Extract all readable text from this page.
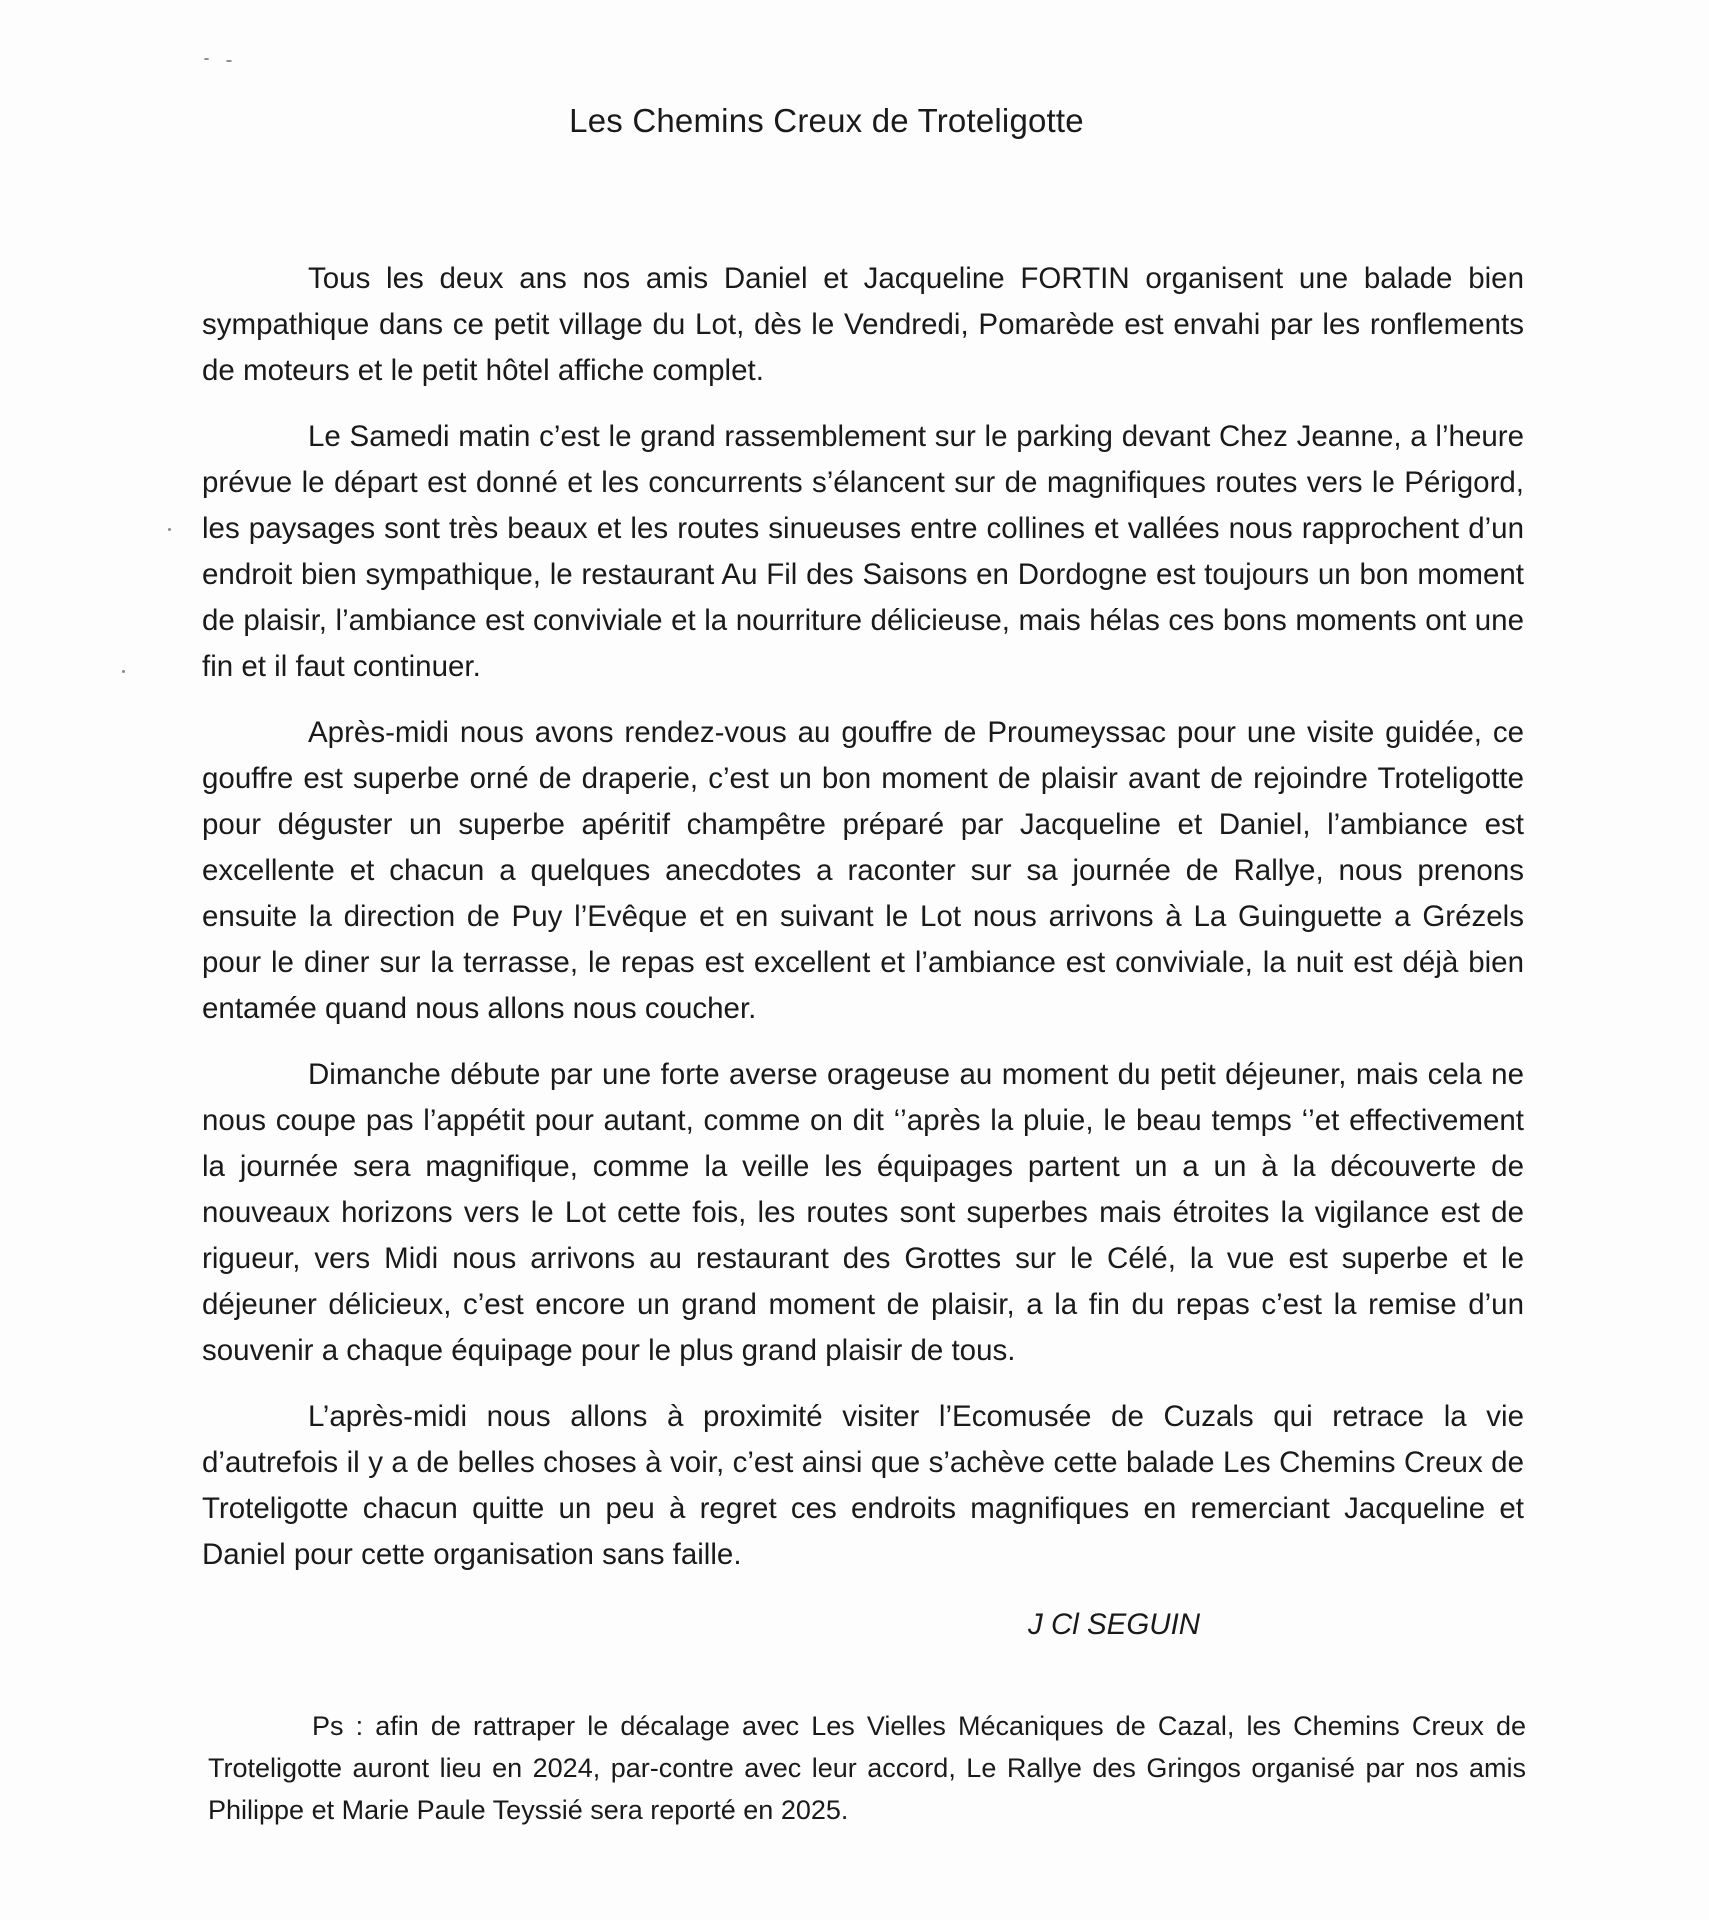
Les Chemins Creux de Troteligotte

Tous les deux ans nos amis Daniel et Jacqueline FORTIN organisent une balade bien sympathique dans ce petit village du Lot, dès le Vendredi, Pomarède est envahi par les ronflements de moteurs et le petit hôtel affiche complet.

Le Samedi matin c’est le grand rassemblement sur le parking devant Chez Jeanne, a l’heure prévue le départ est donné et les concurrents s’élancent sur de magnifiques routes vers le Périgord, les paysages sont très beaux et les routes sinueuses entre collines et vallées nous rapprochent d’un endroit bien sympathique, le restaurant Au Fil des Saisons en Dordogne est toujours un bon moment de plaisir, l’ambiance est conviviale et la nourriture délicieuse, mais hélas ces bons moments ont une fin et il faut continuer.

Après-midi nous avons rendez-vous au gouffre de Proumeyssac pour une visite guidée, ce gouffre est superbe orné de draperie, c’est un bon moment de plaisir avant de rejoindre Troteligotte pour déguster un superbe apéritif champêtre préparé par Jacqueline et Daniel, l’ambiance est excellente et chacun a quelques anecdotes a raconter sur sa journée de Rallye, nous prenons ensuite la direction de Puy l’Evêque et en suivant le Lot nous arrivons à La Guinguette a Grézels pour le diner sur la terrasse, le repas est excellent et l’ambiance est conviviale, la nuit est déjà bien entamée quand nous allons nous coucher.

Dimanche débute par une forte averse orageuse au moment du petit déjeuner, mais cela ne nous coupe pas l’appétit pour autant, comme on dit ‘’après la pluie, le beau temps ‘’et effectivement la journée sera magnifique, comme la veille les équipages partent un a un à la découverte de nouveaux horizons vers le Lot cette fois, les routes sont superbes mais étroites la vigilance est de rigueur, vers Midi nous arrivons au restaurant des Grottes sur le Célé, la vue est superbe et le déjeuner délicieux, c’est encore un grand moment de plaisir, a la fin du repas c’est la remise d’un souvenir a chaque équipage pour le plus grand plaisir de tous.

L’après-midi nous allons à proximité visiter l’Ecomusée de Cuzals qui retrace la vie d’autrefois il y a de belles choses à voir, c’est ainsi que s’achève cette balade Les Chemins Creux de Troteligotte chacun quitte un peu à regret ces endroits magnifiques en remerciant Jacqueline et Daniel pour cette organisation sans faille.

J Cl SEGUIN

Ps : afin de rattraper le décalage avec Les Vielles Mécaniques de Cazal, les Chemins Creux de Troteligotte auront lieu en 2024, par-contre avec leur accord, Le Rallye des Gringos organisé par nos amis Philippe et Marie Paule Teyssié sera reporté en 2025.
